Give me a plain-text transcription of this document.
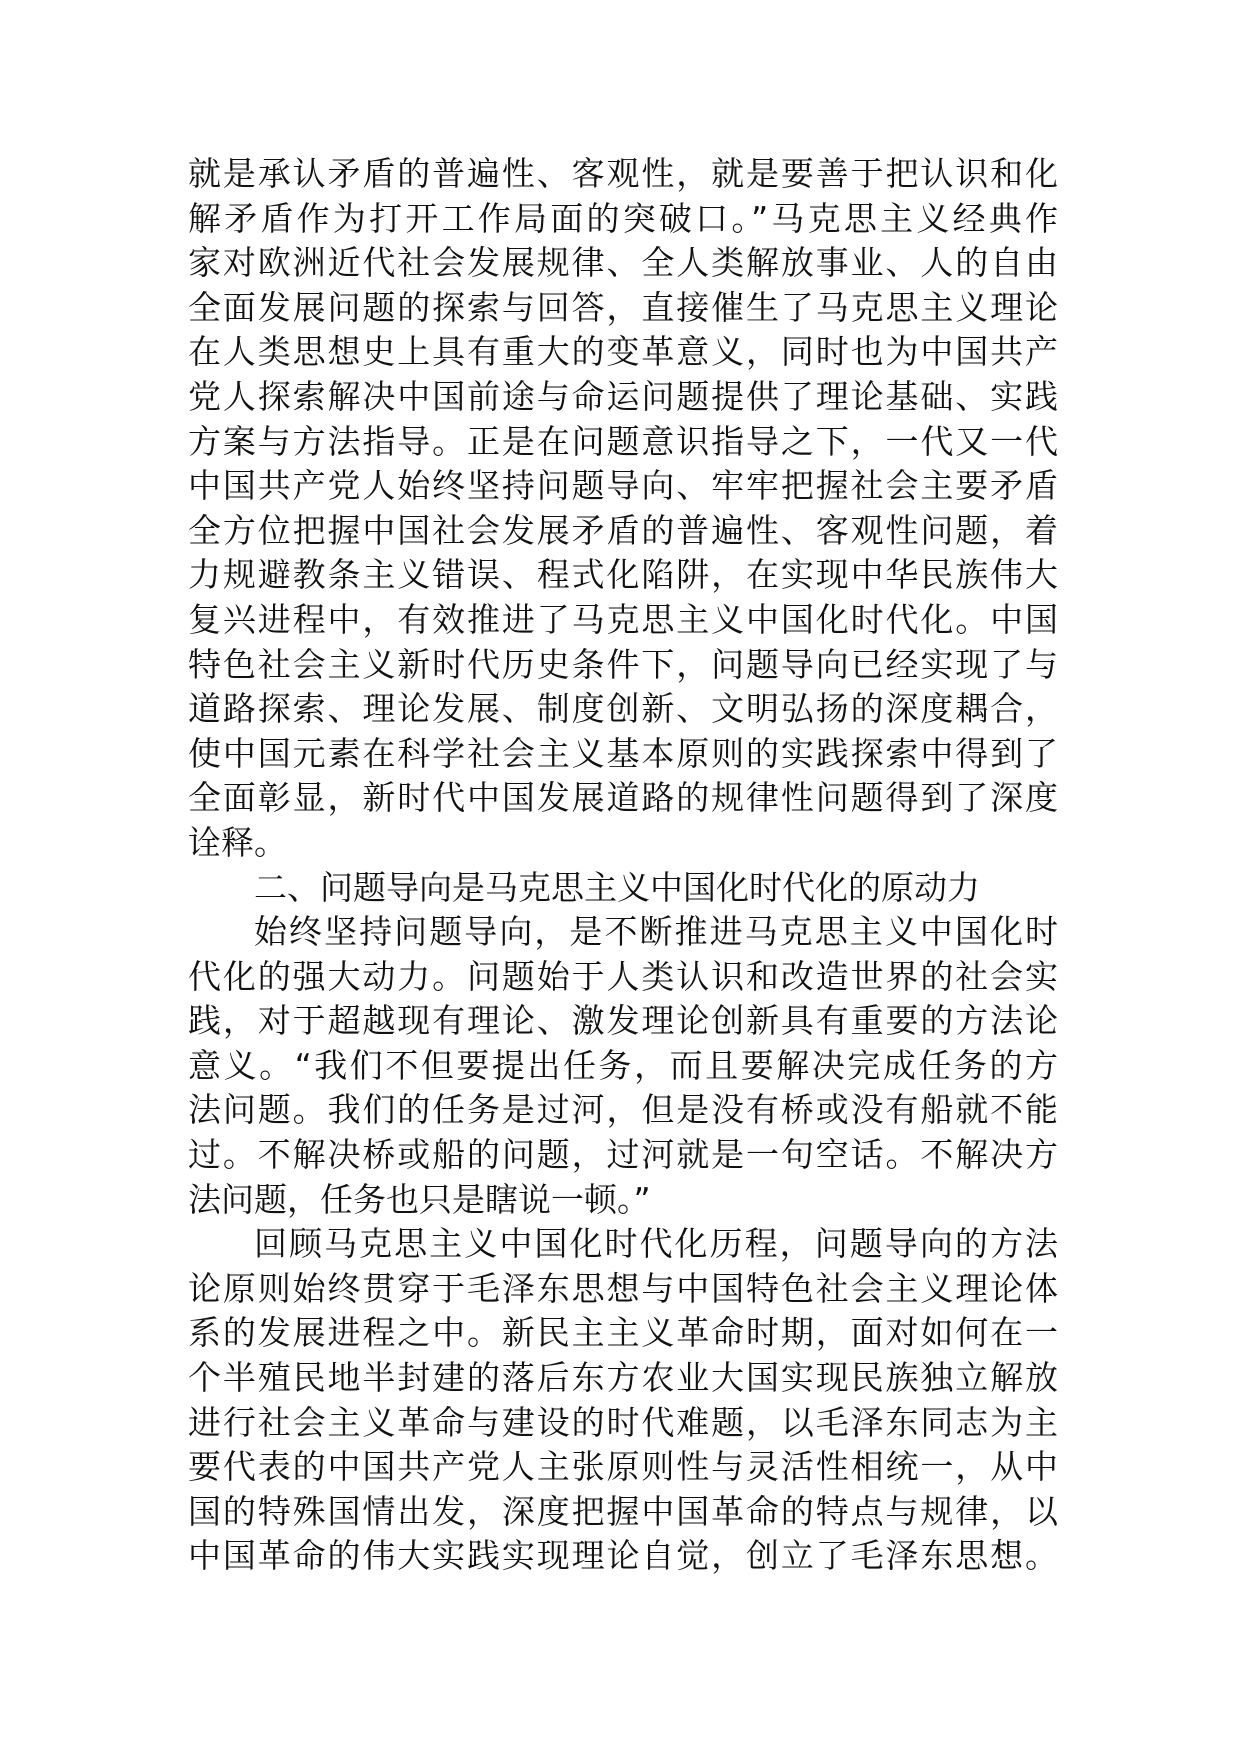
就是承认矛盾的普遍性、客观性，就是要善于把认识和化
解矛盾作为打开工作局面的突破口。”马克思主义经典作
家对欧洲近代社会发展规律、全人类解放事业、人的自由
全面发展问题的探索与回答，直接催生了马克思主义理论
在人类思想史上具有重大的变革意义，同时也为中国共产
党人探索解决中国前途与命运问题提供了理论基础、实践
方案与方法指导。正是在问题意识指导之下，一代又一代
中国共产党人始终坚持问题导向、牢牢把握社会主要矛盾
全方位把握中国社会发展矛盾的普遍性、客观性问题，着
力规避教条主义错误、程式化陷阱，在实现中华民族伟大
复兴进程中，有效推进了马克思主义中国化时代化。中国
特色社会主义新时代历史条件下，问题导向已经实现了与
道路探索、理论发展、制度创新、文明弘扬的深度耦合，
使中国元素在科学社会主义基本原则的实践探索中得到了
全面彰显，新时代中国发展道路的规律性问题得到了深度
诠释。
二、问题导向是马克思主义中国化时代化的原动力
始终坚持问题导向，是不断推进马克思主义中国化时
代化的强大动力。问题始于人类认识和改造世界的社会实
践，对于超越现有理论、激发理论创新具有重要的方法论
意义。“我们不但要提出任务，而且要解决完成任务的方
法问题。我们的任务是过河，但是没有桥或没有船就不能
过。不解决桥或船的问题，过河就是一句空话。不解决方
法问题，任务也只是瞎说一顿。”
回顾马克思主义中国化时代化历程，问题导向的方法
论原则始终贯穿于毛泽东思想与中国特色社会主义理论体
系的发展进程之中。新民主主义革命时期，面对如何在一
个半殖民地半封建的落后东方农业大国实现民族独立解放
进行社会主义革命与建设的时代难题，以毛泽东同志为主
要代表的中国共产党人主张原则性与灵活性相统一，从中
国的特殊国情出发，深度把握中国革命的特点与规律，以
中国革命的伟大实践实现理论自觉，创立了毛泽东思想。
